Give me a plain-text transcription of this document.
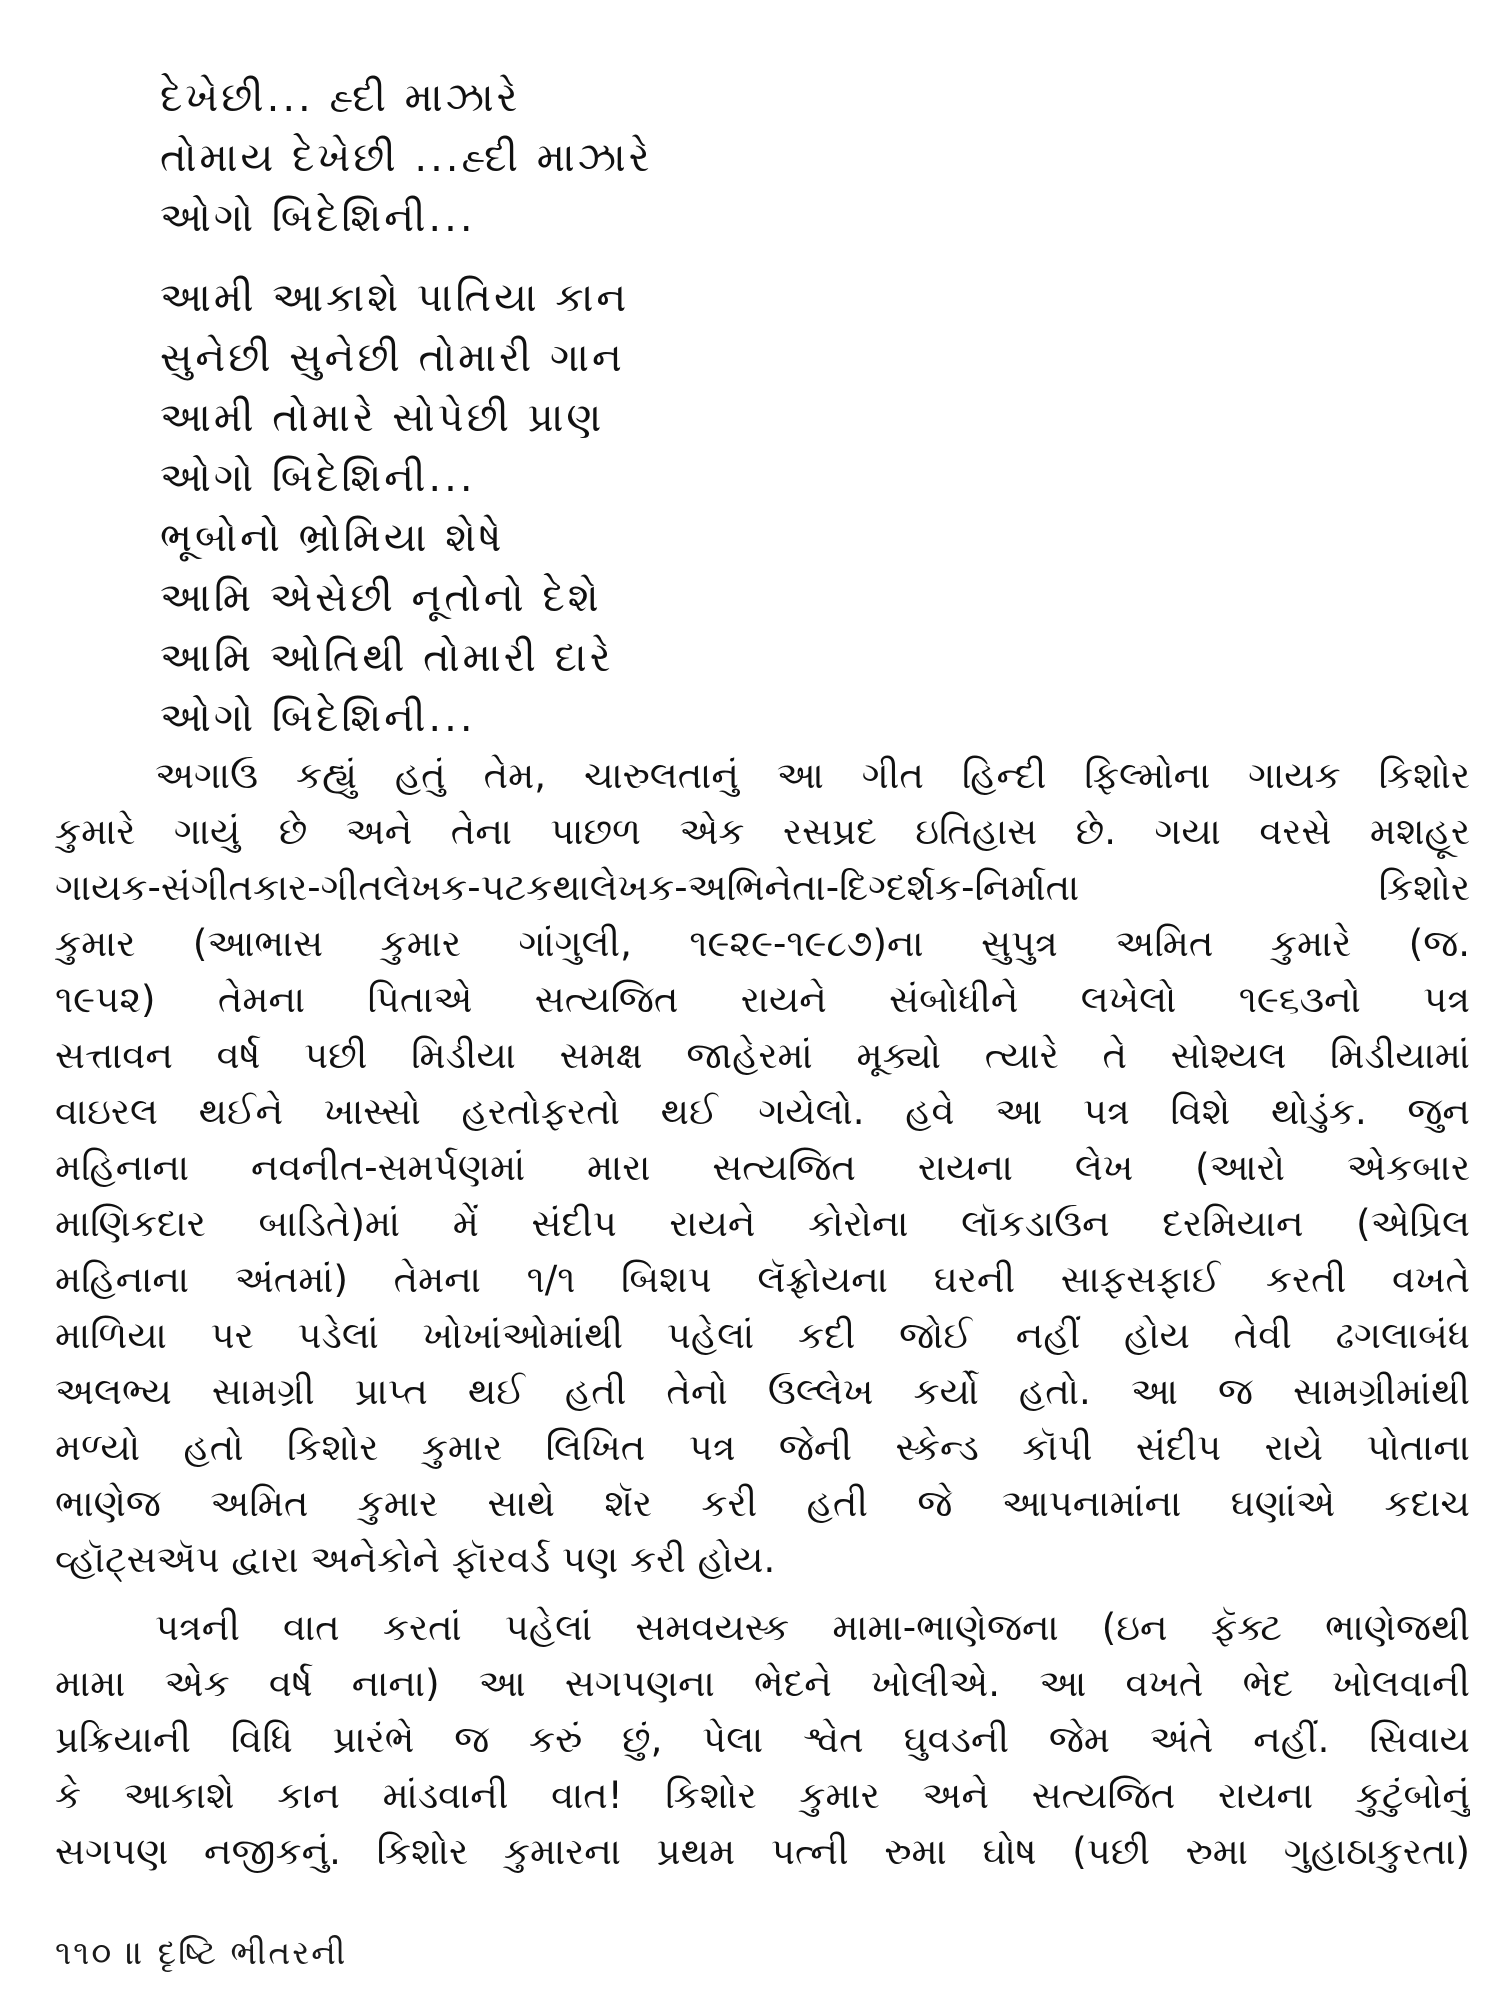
દેખેછી... હ્દી માઝારે
તોમાય દેખેછી ...હ્દી માઝારે
ઓગો બિદેશિની...
આમી આકાશે પાતિયા કાન
સુનેછી સુનેછી તોમારી ગાન
આમી તોમારે સોપેછી પ્રાણ
ઓગો બિદેશિની...
ભૂબોનો ભ્રોમિયા શેષે
આમિ એસેછી નૂતોનો દેશે
આમિ ઓતિથી તોમારી દારે
ઓગો બિદેશિની...
અગાઉ કહ્યું હતું તેમ, ચારુલતાનું આ ગીત હિન્દી ફિલ્મોના ગાયક કિશોર
કુમારે ગાયું છે અને તેના પાછળ એક રસપ્રદ ઇતિહાસ છે. ગયા વરસે મશહૂર
ગાયક-સંગીતકાર-ગીતલેખક-પટકથાલેખક-અભિનેતા-દિગ્દર્શક-નિર્માતા કિશોર
કુમાર (આભાસ કુમાર ગાંગુલી, ૧૯૨૯-૧૯૮૭)ના સુપુત્ર અમિત કુમારે (જ.
૧૯૫૨) તેમના પિતાએ સત્યજિત રાયને સંબોધીને લખેલો ૧૯૬૩નો પત્ર
સત્તાવન વર્ષ પછી મિડીયા સમક્ષ જાહેરમાં મૂક્યો ત્યારે તે સોશ્યલ મિડીયામાં
વાઇરલ થઈને ખાસ્સો હરતોફરતો થઈ ગયેલો. હવે આ પત્ર વિશે થોડુંક. જુન
મહિનાના નવનીત-સમર્પણમાં મારા સત્યજિત રાયના લેખ (આરો એકબાર
માણિકદાર બાડિતે)માં મેં સંદીપ રાયને કોરોના લૉકડાઉન દરમિયાન (એપ્રિલ
મહિનાના અંતમાં) તેમના ૧/૧ બિશપ લૅફ્રોયના ઘરની સાફસફાઈ કરતી વખતે
માળિયા પર પડેલાં ખોખાંઓમાંથી પહેલાં કદી જોઈ નહીં હોય તેવી ઢગલાબંધ
અલભ્ય સામગ્રી પ્રાપ્ત થઈ હતી તેનો ઉલ્લેખ કર્યો હતો. આ જ સામગ્રીમાંથી
મળ્યો હતો કિશોર કુમાર લિખિત પત્ર જેની સ્કેન્ડ કૉપી સંદીપ રાયે પોતાના
ભાણેજ અમિત કુમાર સાથે શૅર કરી હતી જે આપનામાંના ઘણાંએ કદાચ
વ્હૉટ્સઍપ દ્વારા અનેકોને ફૉરવર્ડ પણ કરી હોય.
પત્રની વાત કરતાં પહેલાં સમવયસ્ક મામા-ભાણેજના (ઇન ફૅક્ટ ભાણેજથી
મામા એક વર્ષ નાના) આ સગપણના ભેદને ખોલીએ. આ વખતે ભેદ ખોલવાની
પ્રક્રિયાની વિધિ પ્રારંભે જ કરું છું, પેલા શ્વેત ઘુવડની જેમ અંતે નહીં. સિવાય
કે આકાશે કાન માંડવાની વાત! કિશોર કુમાર અને સત્યજિત રાયના કુટુંબોનું
સગપણ નજીકનું. કિશોર કુમારના પ્રથમ પત્ની રુમા ઘોષ (પછી રુમા ગુહાઠાકુરતા)
૧૧૦ ॥ દૃષ્ટિ ભીતરની
